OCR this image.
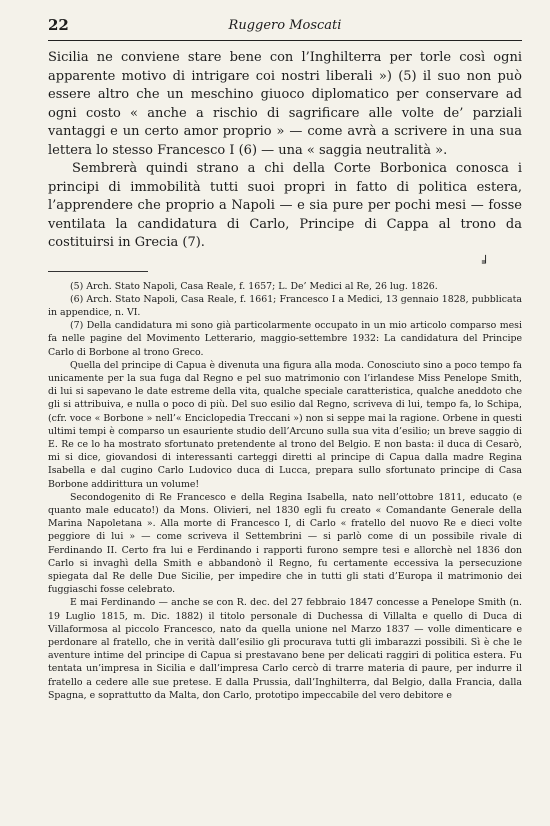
22	Ruggero Moscati

Sicilia ne conviene stare bene con l’Inghilterra per torle così ogni apparente motivo di intrigare coi nostri liberali ») (5) il suo non può essere altro che un meschino giuoco diplomatico per conservare ad ogni costo « anche a rischio di sagrificare alle volte de’ parziali vantaggi e un certo amor proprio » — come avrà a scrivere in una sua lettera lo stesso Francesco I (6) — una « saggia neutralità ».

Sembrerà quindi strano a chi della Corte Borbonica conosca i principi di immobilità tutti suoi propri in fatto di politica estera, l’apprendere che proprio a Napoli — e sia pure per pochi mesi — fosse ventilata la candidatura di Carlo, Principe di Cappa al trono da costituirsi in Grecia (7).

(5) Arch. Stato Napoli, Casa Reale, f. 1657; L. De’ Medici al Re, 26 lug. 1826.

(6) Arch. Stato Napoli, Casa Reale, f. 1661; Francesco I a Medici, 13 gennaio 1828, pubblicata in appendice, n. VI.

(7) Della candidatura mi sono già particolarmente occupato in un mio articolo comparso mesi fa nelle pagine del Movimento Letterario, maggio-settembre 1932: La candidatura del Principe Carlo di Borbone al trono Greco.

Quella del principe di Capua è divenuta una figura alla moda. Conosciuto sino a poco tempo fa unicamente per la sua fuga dal Regno e pel suo matrimonio con l’irlandese Miss Penelope Smith, di lui si sapevano le date estreme della vita, qualche speciale caratteristica, qualche aneddoto che gli si attribuiva, e nulla o poco di più. Del suo esilio dal Regno, scriveva di lui, tempo fa, lo Schipa, (cfr. voce « Borbone » nell’« Enciclopedia Treccani ») non si seppe mai la ragione. Orbene in questi ultimi tempi è comparso un esauriente studio dell’Arcuno sulla sua vita d’esilio; un breve saggio di E. Re ce lo ha mostrato sfortunato pretendente al trono del Belgio. E non basta: il duca di Cesarò, mi si dice, giovandosi di interessanti carteggi diretti al principe di Capua dalla madre Regina Isabella e dal cugino Carlo Ludovico duca di Lucca, prepara sullo sfortunato principe di Casa Borbone addirittura un volume!

Secondogenito di Re Francesco e della Regina Isabella, nato nell’ottobre 1811, educato (e quanto male educato!) da Mons. Olivieri, nel 1830 egli fu creato « Comandante Generale della Marina Napoletana ». Alla morte di Francesco I, di Carlo « fratello del nuovo Re e dieci volte peggiore di lui » — come scriveva il Settembrini — si parlò come di un possibile rivale di Ferdinando II. Certo fra lui e Ferdinando i rapporti furono sempre tesi e allorchè nel 1836 don Carlo si invaghì della Smith e abbandonò il Regno, fu certamente eccessiva la persecuzione spiegata dal Re delle Due Sicilie, per impedire che in tutti gli stati d’Europa il matrimonio dei fuggiaschi fosse celebrato.

E mai Ferdinando — anche se con R. dec. del 27 febbraio 1847 concesse a Penelope Smith (n. 19 Luglio 1815, m. Dic. 1882) il titolo personale di Duchessa di Villalta e quello di Duca di Villaformosa al piccolo Francesco, nato da quella unione nel Marzo 1837 — volle dimenticare e perdonare al fratello, che in verità dall’esilio gli procurava tutti gli imbarazzi possibili. Sì è che le aventure intime del principe di Capua si prestavano bene per delicati raggiri di politica estera. Fu tentata un’impresa in Sicilia e dall’impresa Carlo cercò di trarre materia di paure, per indurre il fratello a cedere alle sue pretese. E dalla Prussia, dall’Inghilterra, dal Belgio, dalla Francia, dalla Spagna, e soprattutto da Malta, don Carlo, prototipo impeccabile del vero debitore e

╛
